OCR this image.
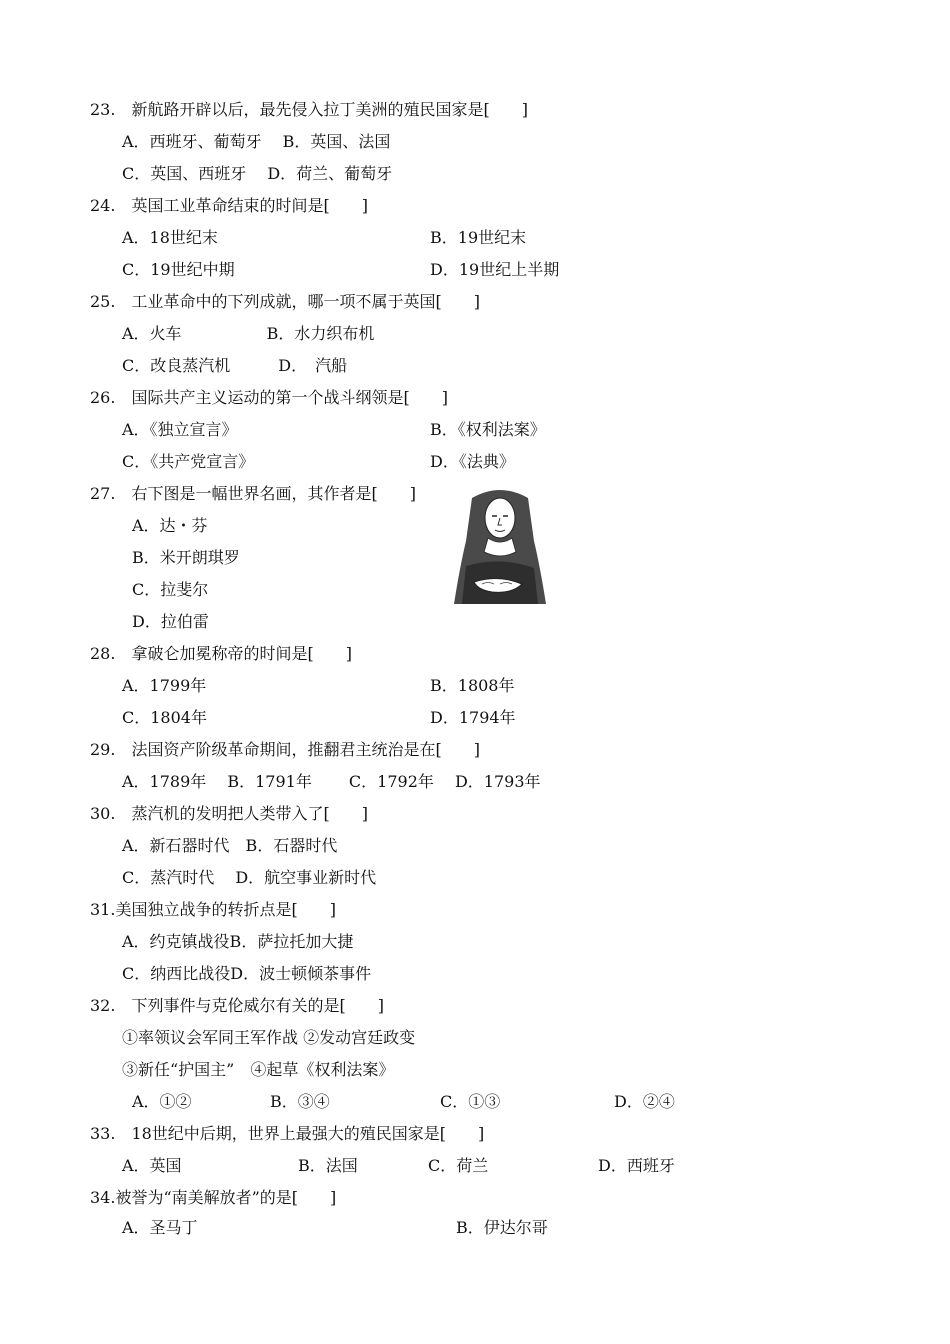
23.　新航路开辟以后，最先侵入拉丁美洲的殖民国家是[　　]
A．西班牙、葡萄牙　 B．英国、法国
C．英国、西班牙　 D．荷兰、葡萄牙
24.　英国工业革命结束的时间是[　　]
A．18世纪末	B．19世纪末
C．19世纪中期	D．19世纪上半期
25.　工业革命中的下列成就，哪一项不属于英国[　　]
A．火车　　　　　 B．水力织布机
C．改良蒸汽机　　　D．　汽船
26.　国际共产主义运动的第一个战斗纲领是[　　]
A．《独立宣言》	B．《权利法案》
C．《共产党宣言》	D．《法典》
27.　右下图是一幅世界名画，其作者是[　　]
A．达・芬
B．米开朗琪罗
C．拉斐尔
D．拉伯雷
28.　拿破仑加冕称帝的时间是[　　]
A．1799年	B．1808年
C．1804年	D．1794年
29.　法国资产阶级革命期间，推翻君主统治是在[　　]
A．1789年　 B．1791年　　 C．1792年　 D．1793年
30.　蒸汽机的发明把人类带入了[　　]
A．新石器时代　B．石器时代
C．蒸汽时代　 D．航空事业新时代
31.美国独立战争的转折点是[　　]
A．约克镇战役B．萨拉托加大捷
C．纳西比战役D．波士顿倾茶事件
32.　下列事件与克伦威尔有关的是[　　]
①率领议会军同王军作战 ②发动宫廷政变
③新任“护国主”　④起草《权利法案》
A．①②	B．③④	C．①③	D．②④
33.　18世纪中后期，世界上最强大的殖民国家是[　　]
A．英国	B．法国	C．荷兰	D．西班牙
34.被誉为“南美解放者”的是[　　]
A．圣马丁	B．伊达尔哥
